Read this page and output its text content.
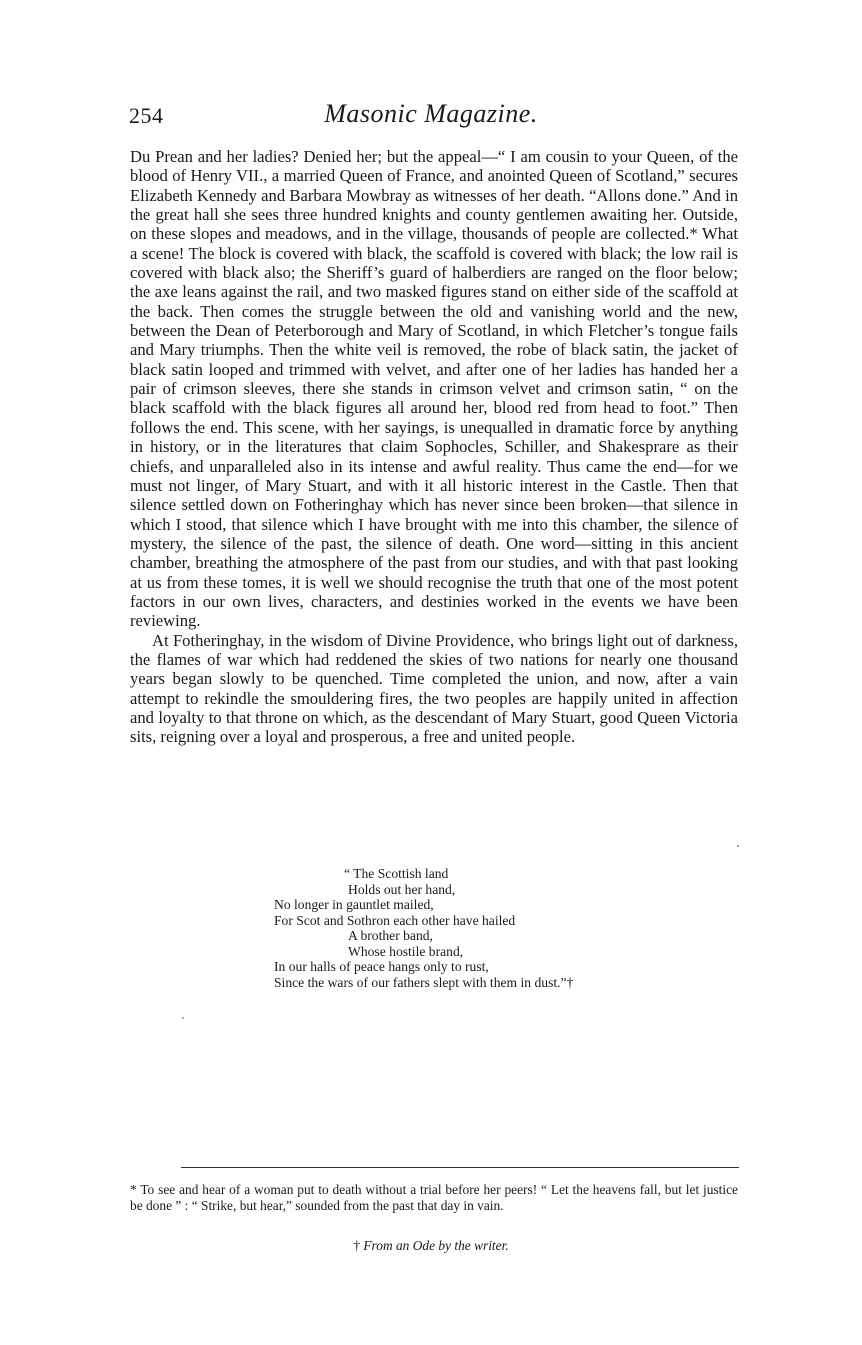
254	Masonic Magazine.

Du Prean and her ladies? Denied her; but the appeal—“ I am cousin to your Queen, of the blood of Henry VII., a married Queen of France, and anointed Queen of Scotland,” secures Elizabeth Kennedy and Barbara Mowbray as witnesses of her death. “Allons done.” And in the great hall she sees three hundred knights and county gentlemen awaiting her. Outside, on these slopes and meadows, and in the village, thousands of people are collected.* What a scene! The block is covered with black, the scaffold is covered with black; the low rail is covered with black also; the Sheriff’s guard of halberdiers are ranged on the floor below; the axe leans against the rail, and two masked figures stand on either side of the scaffold at the back. Then comes the struggle between the old and vanishing world and the new, between the Dean of Peterborough and Mary of Scotland, in which Fletcher’s tongue fails and Mary triumphs. Then the white veil is removed, the robe of black satin, the jacket of black satin looped and trimmed with velvet, and after one of her ladies has handed her a pair of crimson sleeves, there she stands in crimson velvet and crimson satin, “ on the black scaffold with the black figures all around her, blood red from head to foot.” Then follows the end. This scene, with her sayings, is unequalled in dramatic force by anything in history, or in the literatures that claim Sophocles, Schiller, and Shakesprare as their chiefs, and unparalleled also in its intense and awful reality. Thus came the end—for we must not linger, of Mary Stuart, and with it all historic interest in the Castle. Then that silence settled down on Fotheringhay which has never since been broken—that silence in which I stood, that silence which I have brought with me into this chamber, the silence of mystery, the silence of the past, the silence of death. One word—sitting in this ancient chamber, breathing the atmosphere of the past from our studies, and with that past looking at us from these tomes, it is well we should recognise the truth that one of the most potent factors in our own lives, characters, and destinies worked in the events we have been reviewing.

At Fotheringhay, in the wisdom of Divine Providence, who brings light out of darkness, the flames of war which had reddened the skies of two nations for nearly one thousand years began slowly to be quenched. Time completed the union, and now, after a vain attempt to rekindle the smouldering fires, the two peoples are happily united in affection and loyalty to that throne on which, as the descendant of Mary Stuart, good Queen Victoria sits, reigning over a loyal and prosperous, a free and united people.

“ The Scottish land
Holds out her hand,
No longer in gauntlet mailed,
For Scot and Sothron each other have hailed
A brother band,
Whose hostile brand,
In our halls of peace hangs only to rust,
Since the wars of our fathers slept with them in dust.”†
* To see and hear of a woman put to death without a trial before her peers! “ Let the heavens fall, but let justice be done ” : “ Strike, but hear,” sounded from the past that day in vain.
† From an Ode by the writer.
